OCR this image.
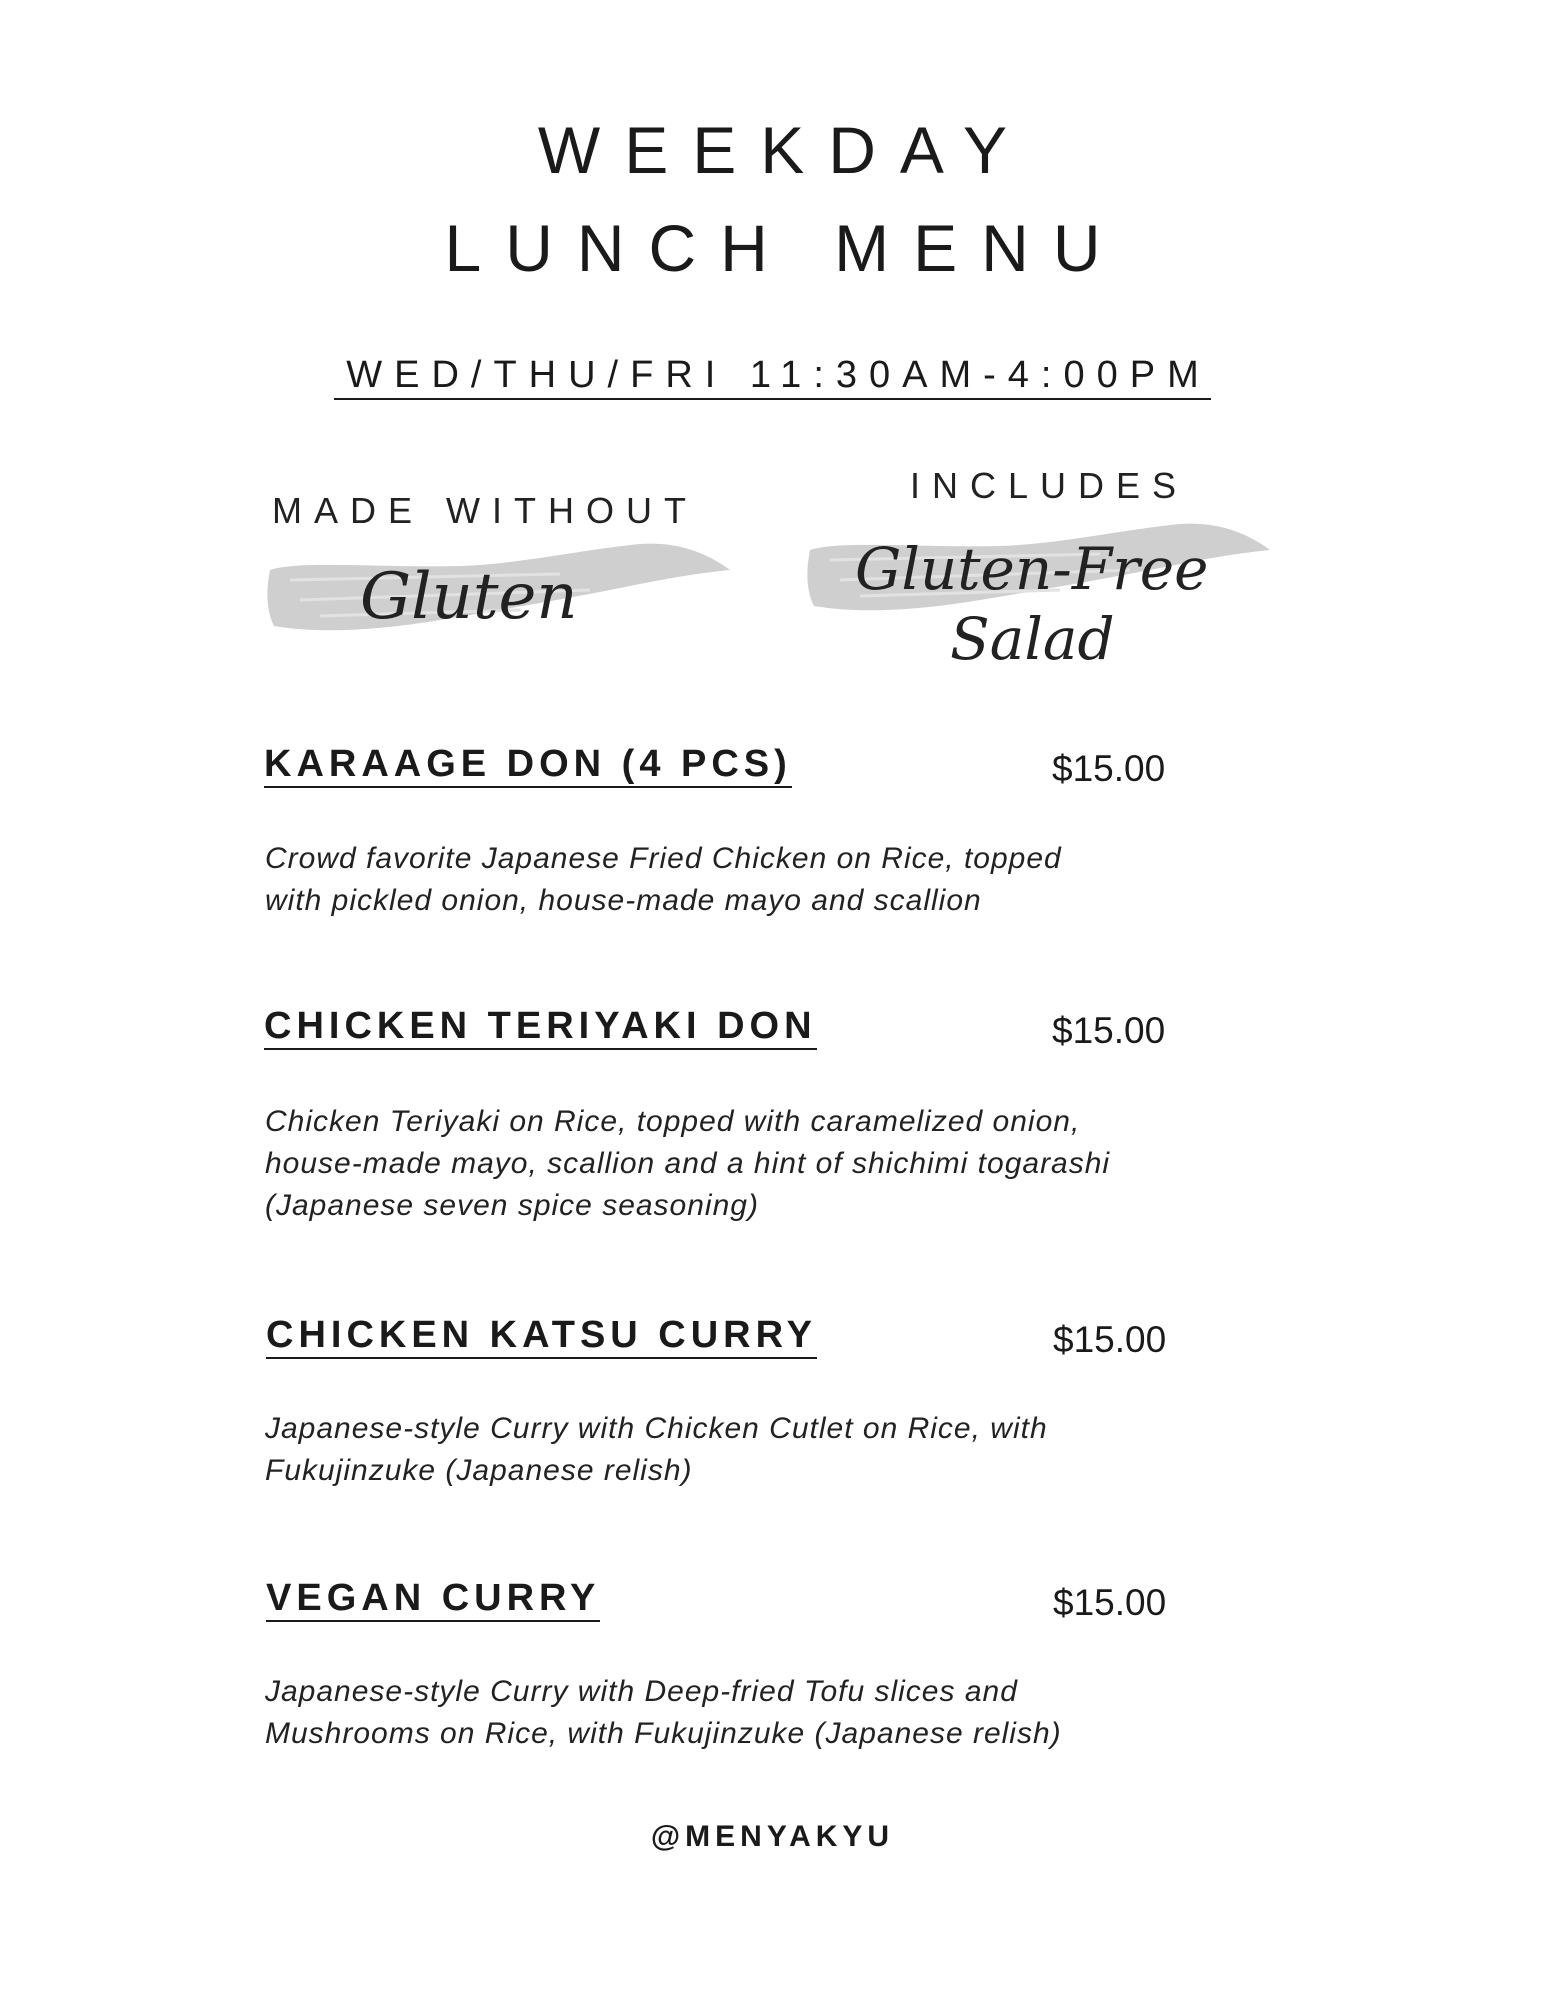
WEEKDAY
LUNCH MENU
WED/THU/FRI 11:30AM-4:00PM
MADE WITHOUT
Gluten
INCLUDES
Gluten-Free
Salad
KARAAGE DON (4 PCS)	$15.00
Crowd favorite Japanese Fried Chicken on Rice, topped
with pickled onion, house-made mayo and scallion
CHICKEN TERIYAKI DON	$15.00
Chicken Teriyaki on Rice, topped with caramelized onion,
house-made mayo, scallion and a hint of shichimi togarashi
(Japanese seven spice seasoning)
CHICKEN KATSU CURRY	$15.00
Japanese-style Curry with Chicken Cutlet on Rice, with
Fukujinzuke (Japanese relish)
VEGAN CURRY	$15.00
Japanese-style Curry with Deep-fried Tofu slices and
Mushrooms on Rice, with Fukujinzuke (Japanese relish)
@MENYAKYU
